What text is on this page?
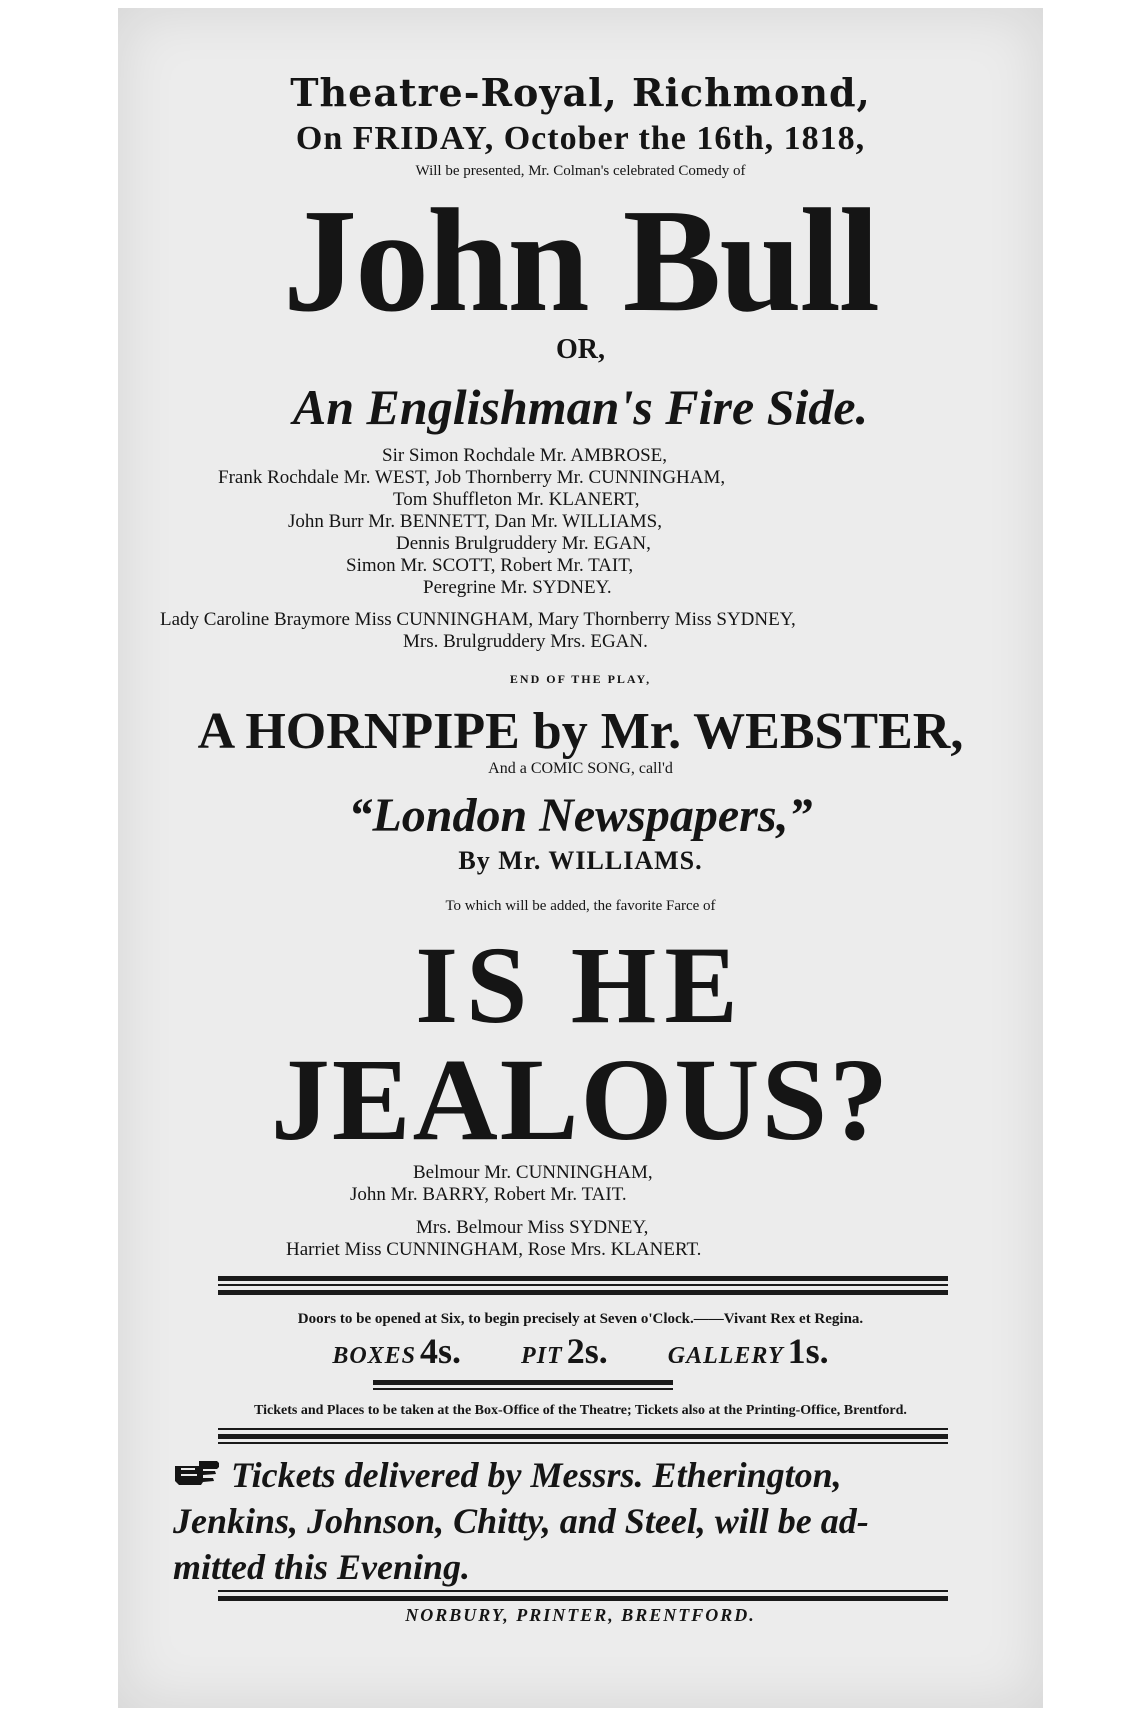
Theatre-Royal, Richmond,
On FRIDAY, October the 16th, 1818,
Will be presented, Mr. Colman's celebrated Comedy of
John Bull
OR,
An Englishman's Fire Side.
Sir Simon Rochdale Mr. AMBROSE,
Frank Rochdale Mr. WEST, Job Thornberry Mr. CUNNINGHAM,
Tom Shuffleton Mr. KLANERT,
John Burr Mr. BENNETT, Dan Mr. WILLIAMS,
Dennis Brulgruddery Mr. EGAN,
Simon Mr. SCOTT, Robert Mr. TAIT,
Peregrine Mr. SYDNEY.
Lady Caroline Braymore Miss CUNNINGHAM, Mary Thornberry Miss SYDNEY,
Mrs. Brulgruddery Mrs. EGAN.
END OF THE PLAY,
A HORNPIPE by Mr. WEBSTER,
And a COMIC SONG, call'd
“London Newspapers,”
By Mr. WILLIAMS.
To which will be added, the favorite Farce of
IS HE
JEALOUS?
Belmour Mr. CUNNINGHAM,
John Mr. BARRY, Robert Mr. TAIT.
Mrs. Belmour Miss SYDNEY,
Harriet Miss CUNNINGHAM, Rose Mrs. KLANERT.
Doors to be opened at Six, to begin precisely at Seven o'Clock.——Vivant Rex et Regina.
BOXES 4s.	PIT 2s.	GALLERY 1s.
Tickets and Places to be taken at the Box-Office of the Theatre; Tickets also at the Printing-Office, Brentford.
Tickets delivered by Messrs. Etherington,
Jenkins, Johnson, Chitty, and Steel, will be ad-
mitted this Evening.
NORBURY, PRINTER, BRENTFORD.
